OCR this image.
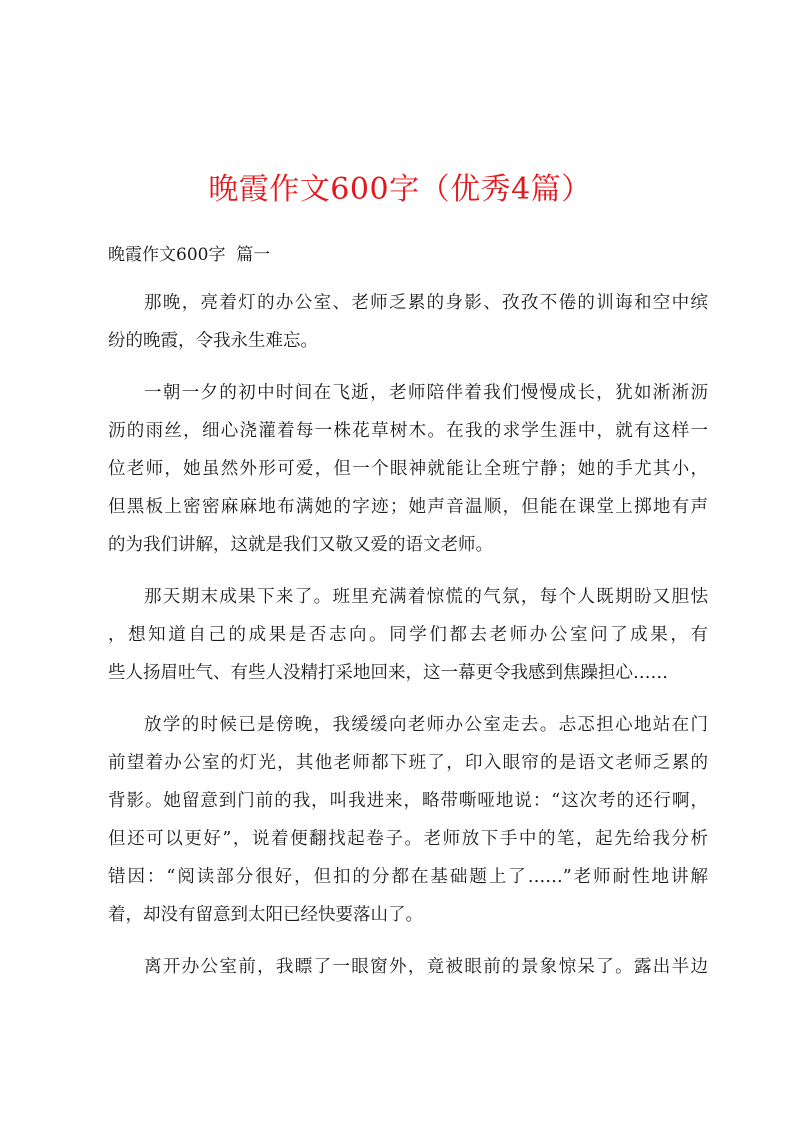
晚霞作文600字（优秀4篇）
晚霞作文600字  篇一
那晚，亮着灯的办公室、老师乏累的身影、孜孜不倦的训诲和空中缤
纷的晚霞，令我永生难忘。
一朝一夕的初中时间在飞逝，老师陪伴着我们慢慢成长，犹如淅淅沥
沥的雨丝，细心浇灌着每一株花草树木。在我的求学生涯中，就有这样一
位老师，她虽然外形可爱，但一个眼神就能让全班宁静；她的手尤其小，
但黑板上密密麻麻地布满她的字迹；她声音温顺，但能在课堂上掷地有声
的为我们讲解，这就是我们又敬又爱的语文老师。
那天期末成果下来了。班里充满着惊慌的气氛，每个人既期盼又胆怯
，想知道自己的成果是否志向。同学们都去老师办公室问了成果，有
些人扬眉吐气、有些人没精打采地回来，这一幕更令我感到焦躁担心……
放学的时候已是傍晚，我缓缓向老师办公室走去。忐忑担心地站在门
前望着办公室的灯光，其他老师都下班了，印入眼帘的是语文老师乏累的
背影。她留意到门前的我，叫我进来，略带嘶哑地说：“这次考的还行啊，
但还可以更好”，说着便翻找起卷子。老师放下手中的笔，起先给我分析
错因：“阅读部分很好，但扣的分都在基础题上了……”老师耐性地讲解
着，却没有留意到太阳已经快要落山了。
离开办公室前，我瞟了一眼窗外，竟被眼前的景象惊呆了。露出半边
